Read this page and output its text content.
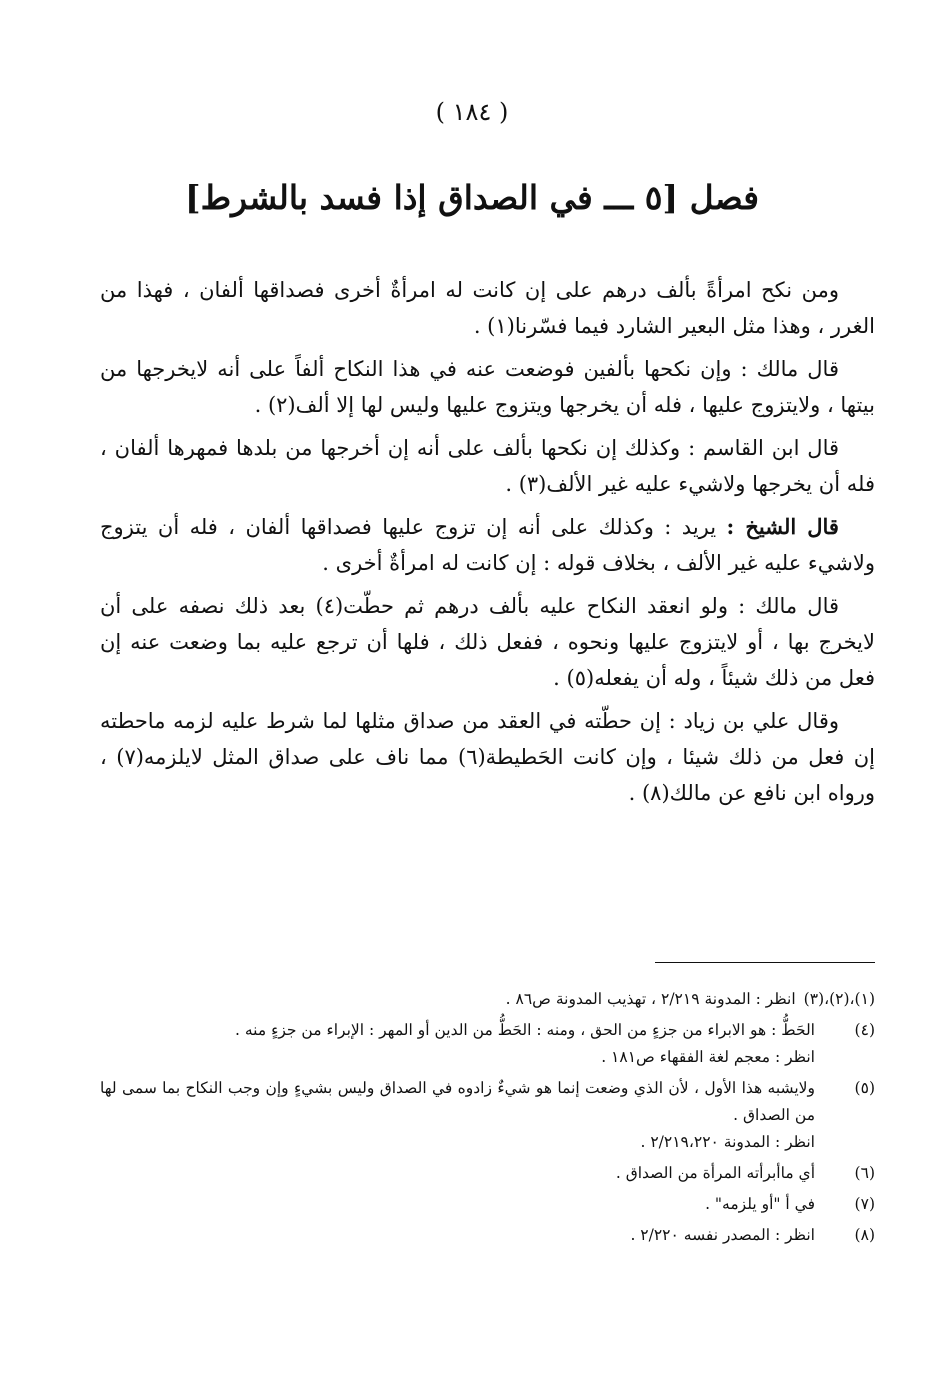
( ١٨٤ )
فصل [٥ ـــ في الصداق إذا فسد بالشرط]

ومن نكح امرأةً بألف درهم على إن كانت له امرأةٌ أخرى فصداقها ألفان ، فهذا من الغرر ، وهذا مثل البعير الشارد فيما فسّرنا(١) .

قال مالك : وإن نكحها بألفين فوضعت عنه في هذا النكاح ألفاً على أنه لايخرجها من بيتها ، ولايتزوج عليها ، فله أن يخرجها ويتزوج عليها وليس لها إلا ألف(٢) .

قال ابن القاسم : وكذلك إن نكحها بألف على أنه إن أخرجها من بلدها فمهرها ألفان ، فله أن يخرجها ولاشيء عليه غير الألف(٣) .

قال الشيخ : يريد : وكذلك على أنه إن تزوج عليها فصداقها ألفان ، فله أن يتزوج ولاشيء عليه غير الألف ، بخلاف قوله : إن كانت له امرأةٌ أخرى .

قال مالك : ولو انعقد النكاح عليه بألف درهم ثم حطّت(٤) بعد ذلك نصفه على أن لايخرج بها ، أو لايتزوج عليها ونحوه ، ففعل ذلك ، فلها أن ترجع عليه بما وضعت عنه إن فعل من ذلك شيئاً ، وله أن يفعله(٥) .

وقال علي بن زياد : إن حطّته في العقد من صداق مثلها لما شرط عليه لزمه ماحطته إن فعل من ذلك شيئا ، وإن كانت الحَطيطة(٦) مما ناف على صداق المثل لايلزمه(٧) ، ورواه ابن نافع عن مالك(٨) .

(١)،(٢)،(٣)
انظر : المدونة ٢/٢١٩ ، تهذيب المدونة ص٨٦ .
(٤)
الحَطُّ : هو الابراء من جزءٍ من الحق ، ومنه : الحَطُّ من الدين أو المهر : الإبراء من جزءٍ منه .
انظر : معجم لغة الفقهاء ص١٨١ .
(٥)
ولايشبه هذا الأول ، لأن الذي وضعت إنما هو شيءٌ زادوه في الصداق وليس بشيءٍ وإن وجب النكاح بما سمى لها من الصداق .
انظر : المدونة ٢/٢١٩،٢٢٠ .
(٦)
أي ماأبرأته المرأة من الصداق .
(٧)
في أ "أو يلزمه" .
(٨)
انظر : المصدر نفسه ٢/٢٢٠ .
